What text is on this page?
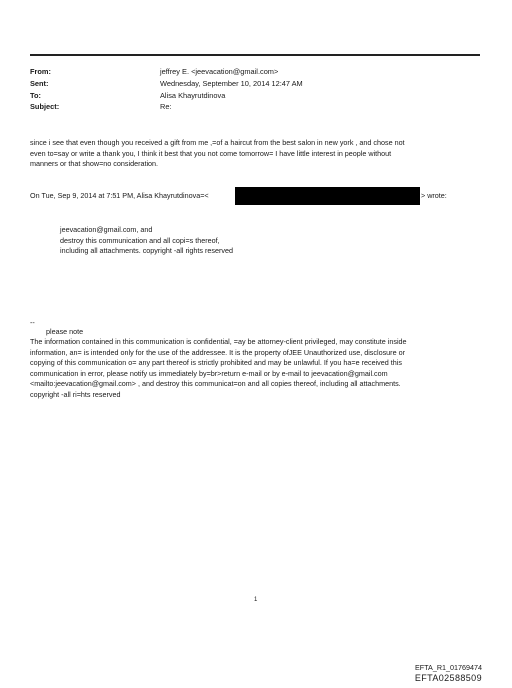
From:	jeffrey E. <jeevacation@gmail.com>
Sent:	Wednesday, September 10, 2014 12:47 AM
To:	Alisa Khayrutdinova
Subject:	Re:
since i see that even though you received a gift from me ,=of a haircut from the best salon in new york , and chose not
even to=say or write a thank you, I think it best that you not come tomorrow= I have little interest in people without
manners or that show=no consideration.
On Tue, Sep 9, 2014 at 7:51 PM, Alisa Khayrutdinova=<	> wrote:
jeevacation@gmail.com, and
destroy this communication and all copi=s thereof,
including all attachments. copyright -all rights reserved
--
please note
The information contained in this communication is confidential, =ay be attorney-client privileged, may constitute inside
information, an= is intended only for the use of the addressee. It is the property ofJEE Unauthorized use, disclosure or
copying of this communication o= any part thereof is strictly prohibited and may be unlawful. If you ha=e received this
communication in error, please notify us immediately by=br>return e-mail or by e-mail to jeevacation@gmail.com
<mailto:jeevacation@gmail.com> , and destroy this communicat=on and all copies thereof, including all attachments.
copyright -all ri=hts reserved
1
EFTA_R1_01769474
EFTA02588509
